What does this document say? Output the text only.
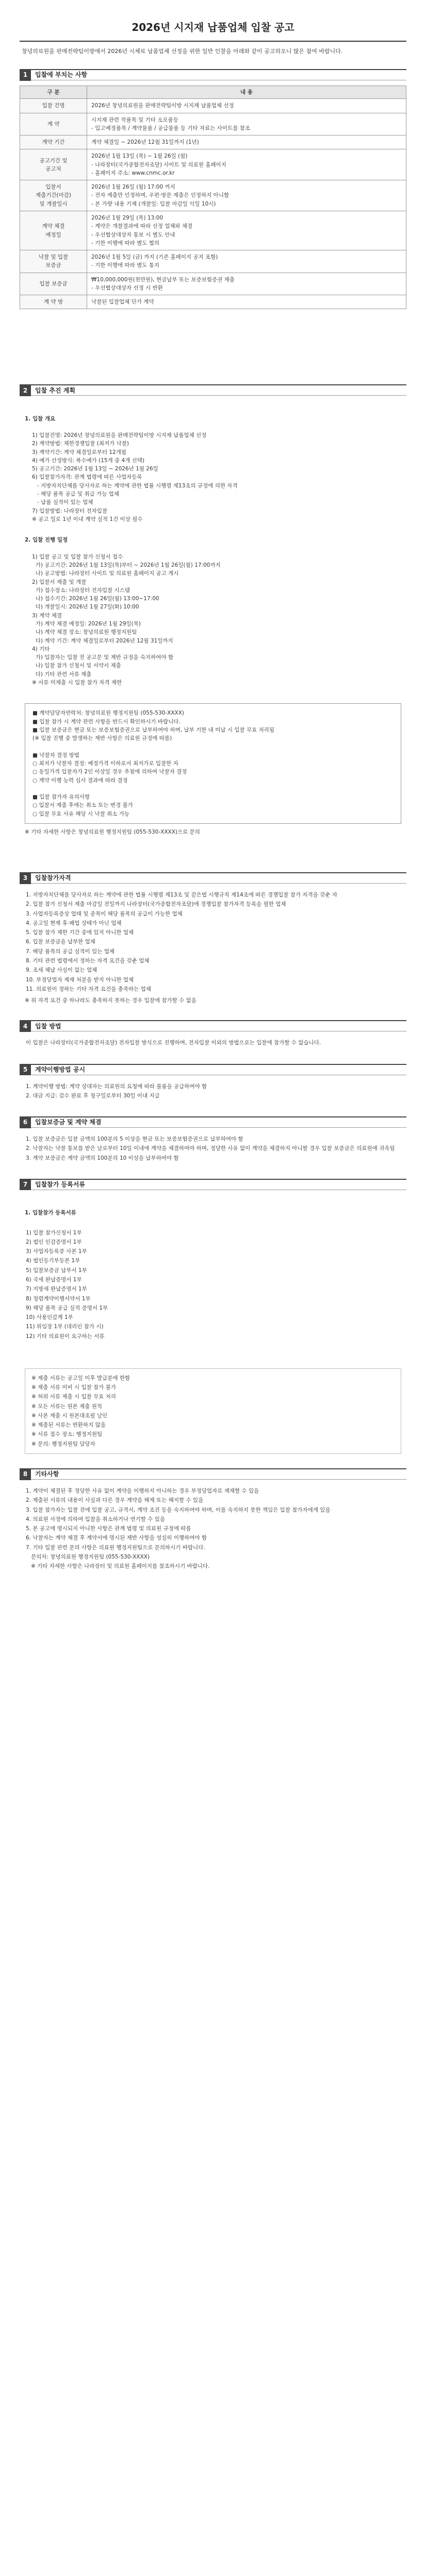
2026년 시지재 납품업체 입찰 공고
창녕의료원을 판매전략팀이방에서 2026년 시체료 납품업체 선정을 위한 일반 인찰을 아래와 같이 공고하오니 많은 참여 바랍니다.
1	입찰에 부치는 사항
구 분	내 용
입찰 건명	2026년 창녕의료원을 판매전략팀이방 시지재 납품업체 선정
계 약	시지재 관련 작품목 및 기타 소모품등
- 입고예정품목 / 계약물품 / 공급물품 등 기타 자료는 사이트를 참조
계약 기간	계약 체결일 ~ 2026년 12월 31일까지 (1년)
공고기간 및
공고처	2026년 1월 13일 (목) ~ 1월 26일 (월)
- 나라장터(국가종합전자조달) 사이트 및 의료원 홈페이지
- 홈페이지 주소: www.cnmc.or.kr
입찰서
제출기간(마감)
및 개찰일시	2026년 1월 26일 (월) 17:00 까지
- 전자 제출만 인정하며, 우편·방문 제출은 인정하지 아니함
- 본 가량 내용 기재 (개찰일: 입찰 마감일 익일 10시)
계약 체결
예정일	2026년 1월 29일 (목) 13:00
- 계약은 개찰결과에 따라 선정 업체와 체결
- 우선협상대상자 통보 시 별도 안내
- 기한 이행에 따라 별도 협의
낙찰 및 입찰
보증금	2026년 1월 5일 (금) 까지 (기존 홈페이지 공지 포함)
- 기한 이행에 따라 별도 통지
입찰 보증금	₩10,000,000원(천만원), 현금납부 또는 보증보험증권 제출
- 우선협상대상자 선정 시 반환
계 약 방	낙찰된 입찰업체 단가 계약
2	입찰 추진 계획

1. 입찰 개요

1) 입찰건명: 2026년 창녕의료원을 판매전략팀이방 시지재 납품업체 선정
2) 계약방법: 제한경쟁입찰 (최저가 낙찰)
3) 계약기간: 계약 체결일로부터 12개월
4) 예가 산정방식: 복수예가 (15개 중 4개 선택)
5) 공고기간: 2026년 1월 13일 ~ 2026년 1월 26일
6) 입찰참가자격: 관계 법령에 따른 사업자등록
- 지방자치단체를 당사자로 하는 계약에 관한 법률 시행령 제13조의 규정에 의한 자격
- 해당 품목 공급 및 취급 가능 업체
- 납품 실적이 있는 업체
7) 입찰방법: 나라장터 전자입찰
※ 공고 일로 1년 이내 계약 실적 1건 이상 필수

2. 입찰 진행 일정

1) 입찰 공고 및 입찰 참가 신청서 접수
가) 공고기간: 2026년 1월 13일(목)부터 ~ 2026년 1월 26일(월) 17:00까지
나) 공고방법: 나라장터 사이트 및 의료원 홈페이지 공고 게시
2) 입찰서 제출 및 개찰
가) 접수장소: 나라장터 전자입찰 시스템
나) 접수기간: 2026년 1월 26일(월) 13:00~17:00
다) 개찰일시: 2026년 1월 27일(화) 10:00
3) 계약 체결
가) 계약 체결 예정일: 2026년 1월 29일(목)
나) 계약 체결 장소: 창녕의료원 행정지원팀
다) 계약 기간: 계약 체결일로부터 2026년 12월 31일까지
4) 기타
가) 입찰자는 입찰 전 공고문 및 제반 규정을 숙지하여야 함
나) 입찰 참가 신청서 및 서약서 제출
다) 기타 관련 서류 제출
※ 서류 미제출 시 입찰 참가 자격 제한

■ 계약담당자연락처: 창녕의료원 행정지원팀 (055-530-XXXX)
■ 입찰 참가 시 계약 관련 사항을 반드시 확인하시기 바랍니다.
■ 입찰 보증금은 현금 또는 보증보험증권으로 납부하여야 하며, 납부 기한 내 미납 시 입찰 무효 처리됨
(※ 입찰 진행 중 발생하는 제반 사항은 의료원 규정에 따름)

■ 낙찰자 결정 방법
○ 최저가 낙찰자 결정: 예정가격 이하로서 최저가로 입찰한 자
○ 동일가격 입찰자가 2인 이상일 경우 추첨에 의하여 낙찰자 결정
○ 계약 이행 능력 심사 결과에 따라 결정

■ 입찰 참가자 유의사항
○ 입찰서 제출 후에는 취소 또는 변경 불가
○ 입찰 무효 사유 해당 시 낙찰 취소 가능
※ 기타 자세한 사항은 창녕의료원 행정지원팀 (055-530-XXXX)으로 문의
3	입찰참가자격
1. 지방자치단체를 당사자로 하는 계약에 관한 법률 시행령 제13조 및 같은법 시행규칙 제14조에 따른 경쟁입찰 참가 자격을 갖춘 자
2. 입찰 참가 신청서 제출 마감일 전일까지 나라장터(국가종합전자조달)에 경쟁입찰 참가자격 등록을 필한 업체
3. 사업자등록증상 업태 및 종목이 해당 품목의 공급이 가능한 업체
4. 공고일 현재 휴·폐업 상태가 아닌 업체
5. 입찰 참가 제한 기간 중에 있지 아니한 업체
6. 입찰 보증금을 납부한 업체
7. 해당 품목의 공급 실적이 있는 업체
8. 기타 관련 법령에서 정하는 자격 요건을 갖춘 업체
9. 조세 체납 사실이 없는 업체
10. 부정당업자 제재 처분을 받지 아니한 업체
11. 의료원이 정하는 기타 자격 요건을 충족하는 업체
※ 위 자격 요건 중 하나라도 충족하지 못하는 경우 입찰에 참가할 수 없음
4	입찰 방법
이 입찰은 나라장터(국가종합전자조달) 전자입찰 방식으로 진행하며, 전자입찰 이외의 방법으로는 입찰에 참가할 수 없습니다.
5	계약이행방법 공시
1. 계약이행 방법: 계약 상대자는 의료원의 요청에 따라 물품을 공급하여야 함
2. 대금 지급: 검수 완료 후 청구일로부터 30일 이내 지급
6	입찰보증금 및 계약 체결
1. 입찰 보증금은 입찰 금액의 100분의 5 이상을 현금 또는 보증보험증권으로 납부하여야 함
2. 낙찰자는 낙찰 통보를 받은 날로부터 10일 이내에 계약을 체결하여야 하며, 정당한 사유 없이 계약을 체결하지 아니할 경우 입찰 보증금은 의료원에 귀속됨
3. 계약 보증금은 계약 금액의 100분의 10 이상을 납부하여야 함
7	입찰참가 등록서류

1. 입찰참가 등록서류

1) 입찰 참가신청서 1부
2) 법인 인감증명서 1부
3) 사업자등록증 사본 1부
4) 법인등기부등본 1부
5) 입찰보증금 납부서 1부
6) 국세 완납증명서 1부
7) 지방세 완납증명서 1부
8) 청렴계약이행서약서 1부
9) 해당 품목 공급 실적 증명서 1부
10) 사용인감계 1부
11) 위임장 1부 (대리인 참가 시)
12) 기타 의료원이 요구하는 서류
※ 제출 서류는 공고일 이후 발급분에 한함
※ 제출 서류 미비 시 입찰 참가 불가
※ 허위 서류 제출 시 입찰 무효 처리
※ 모든 서류는 원본 제출 원칙
※ 사본 제출 시 원본대조필 날인
※ 제출된 서류는 반환하지 않음
※ 서류 접수 장소: 행정지원팀
※ 문의: 행정지원팀 담당자
8	기타사항
1. 계약이 체결된 후 정당한 사유 없이 계약을 이행하지 아니하는 경우 부정당업자로 제재할 수 있음
2. 제출된 서류의 내용이 사실과 다른 경우 계약을 해제 또는 해지할 수 있음
3. 입찰 참가자는 입찰 전에 입찰 공고, 규격서, 계약 조건 등을 숙지하여야 하며, 이를 숙지하지 못한 책임은 입찰 참가자에게 있음
4. 의료원 사정에 의하여 입찰을 취소하거나 연기할 수 있음
5. 본 공고에 명시되지 아니한 사항은 관계 법령 및 의료원 규정에 따름
6. 낙찰자는 계약 체결 후 계약서에 명시된 제반 사항을 성실히 이행하여야 함
7. 기타 입찰 관련 문의 사항은 의료원 행정지원팀으로 문의하시기 바랍니다.
문의처: 창녕의료원 행정지원팀 (055-530-XXXX)
※ 기타 자세한 사항은 나라장터 및 의료원 홈페이지를 참조하시기 바랍니다.
